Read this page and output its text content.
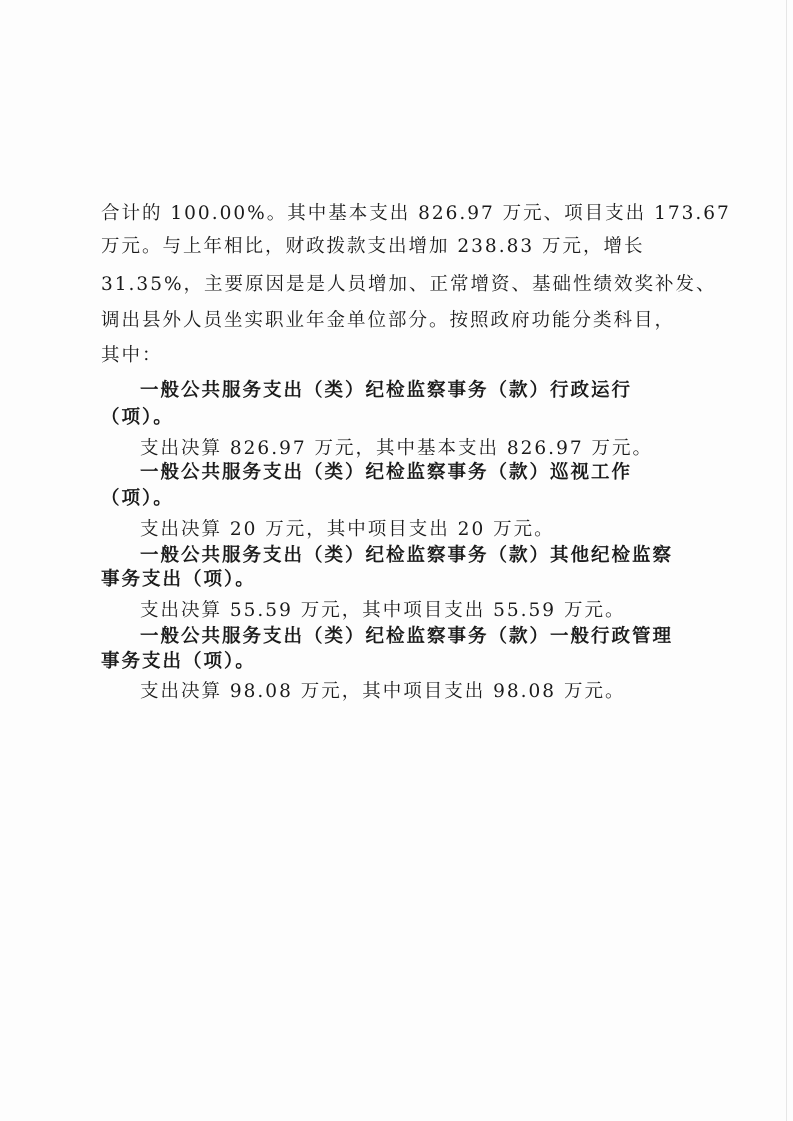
合计的 100.00%。其中基本支出 826.97 万元、项目支出 173.67
万元。与上年相比，财政拨款支出增加 238.83 万元，增长
31.35%，主要原因是是人员增加、正常增资、基础性绩效奖补发、
调出县外人员坐实职业年金单位部分。按照政府功能分类科目，
其中：
一般公共服务支出（类）纪检监察事务（款）行政运行
（项）。
支出决算 826.97 万元，其中基本支出 826.97 万元。
一般公共服务支出（类）纪检监察事务（款）巡视工作
（项）。
支出决算 20 万元，其中项目支出 20 万元。
一般公共服务支出（类）纪检监察事务（款）其他纪检监察
事务支出（项）。
支出决算 55.59 万元，其中项目支出 55.59 万元。
一般公共服务支出（类）纪检监察事务（款）一般行政管理
事务支出（项）。
支出决算 98.08 万元，其中项目支出 98.08 万元。
